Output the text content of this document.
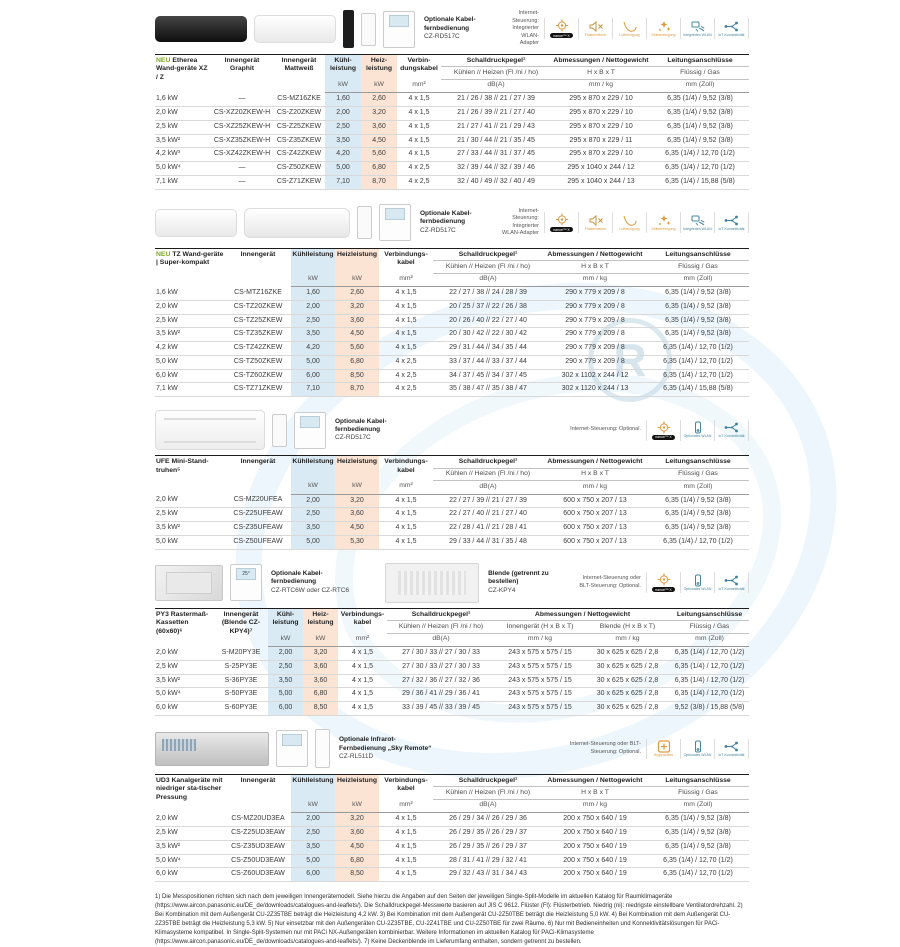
R
Optionale Kabel-fernbedienung
CZ-RD517C
Internet-Steuerung: Integrierter WLAN-Adapter
nanoe™ X	Flüsterbetrieb	Luftreinigung	Selbstreinigung Integriertes WLAN IoT-Konnektivität
NEU Etherea Wand-geräte XZ / Z	Innengerät Graphit	Innengerät Mattweiß	Kühl-leistung	Heiz-leistung	Verbin-dungskabel	Schalldruckpegel¹	Abmessungen / Nettogewicht	Leitungsanschlüsse
						Kühlen // Heizen (Fl /ni / ho)	H x B x T	Flüssig / Gas
			kW	kW	mm²	dB(A)	mm / kg	mm (Zoll)
1,6 kW	—	CS-MZ16ZKE	1,60	2,60	4 x 1,5	21 / 26 / 38 // 21 / 27 / 39	295 x 870 x 229 / 10	6,35 (1/4) / 9,52 (3/8)
2,0 kW	CS-XZ20ZKEW-H	CS-Z20ZKEW	2,00	3,20	4 x 1,5	21 / 26 / 39 // 21 / 27 / 40	295 x 870 x 229 / 10	6,35 (1/4) / 9,52 (3/8)
2,5 kW	CS-XZ25ZKEW-H	CS-Z25ZKEW	2,50	3,60	4 x 1,5	21 / 27 / 41 // 21 / 29 / 43	295 x 870 x 229 / 10	6,35 (1/4) / 9,52 (3/8)
3,5 kW²	CS-XZ35ZKEW-H	CS-Z35ZKEW	3,50	4,50	4 x 1,5	21 / 30 / 44 // 21 / 35 / 45	295 x 870 x 229 / 11	6,35 (1/4) / 9,52 (3/8)
4,2 kW³	CS-XZ42ZKEW-H	CS-Z42ZKEW	4,20	5,60	4 x 1,5	27 / 33 / 44 // 31 / 37 / 45	295 x 870 x 229 / 10	6,35 (1/4) / 12,70 (1/2)
5,0 kW⁴	—	CS-Z50ZKEW	5,00	6,80	4 x 2,5	32 / 39 / 44 // 32 / 39 / 46	295 x 1040 x 244 / 12	6,35 (1/4) / 12,70 (1/2)
7,1 kW	—	CS-Z71ZKEW	7,10	8,70	4 x 2,5	32 / 40 / 49 // 32 / 40 / 49	295 x 1040 x 244 / 13	6,35 (1/4) / 15,88 (5/8)
Optionale Kabel-fernbedienung
CZ-RD517C
Internet-Steuerung: Integrierter WLAN-Adapter
nanoe™ X	Flüsterbetrieb	Luftreinigung	Selbstreinigung Integriertes WLAN IoT-Konnektivität
NEU TZ Wand-geräte | Super-kompakt	Innengerät	Kühlleistung	Heizleistung	Verbindungs-kabel	Schalldruckpegel¹	Abmessungen / Nettogewicht	Leitungsanschlüsse
					Kühlen // Heizen (Fl /ni / ho)	H x B x T	Flüssig / Gas
		kW	kW	mm²	dB(A)	mm / kg	mm (Zoll)
1,6 kW	CS-MTZ16ZKE	1,60	2,60	4 x 1,5	22 / 27 / 38 // 24 / 28 / 39	290 x 779 x 209 / 8	6,35 (1/4) / 9,52 (3/8)
2,0 kW	CS-TZ20ZKEW	2,00	3,20	4 x 1,5	20 / 25 / 37 // 22 / 26 / 38	290 x 779 x 209 / 8	6,35 (1/4) / 9,52 (3/8)
2,5 kW	CS-TZ25ZKEW	2,50	3,60	4 x 1,5	20 / 26 / 40 // 22 / 27 / 40	290 x 779 x 209 / 8	6,35 (1/4) / 9,52 (3/8)
3,5 kW²	CS-TZ35ZKEW	3,50	4,50	4 x 1,5	20 / 30 / 42 // 22 / 30 / 42	290 x 779 x 209 / 8	6,35 (1/4) / 9,52 (3/8)
4,2 kW	CS-TZ42ZKEW	4,20	5,60	4 x 1,5	29 / 31 / 44 // 34 / 35 / 44	290 x 779 x 209 / 8	6,35 (1/4) / 12,70 (1/2)
5,0 kW	CS-TZ50ZKEW	5,00	6,80	4 x 2,5	33 / 37 / 44 // 33 / 37 / 44	290 x 779 x 209 / 8	6,35 (1/4) / 12,70 (1/2)
6,0 kW	CS-TZ60ZKEW	6,00	8,50	4 x 2,5	34 / 37 / 45 // 34 / 37 / 45	302 x 1102 x 244 / 12	6,35 (1/4) / 12,70 (1/2)
7,1 kW	CS-TZ71ZKEW	7,10	8,70	4 x 2,5	35 / 38 / 47 // 35 / 38 / 47	302 x 1120 x 244 / 13	6,35 (1/4) / 15,88 (5/8)
Optionale Kabel-fernbedienung
CZ-RD517C
Internet-Steuerung: Optional.
nanoe™ X	Optionales WLAN IoT-Konnektivität
UFE Mini-Stand-truhen⁵	Innengerät	Kühlleistung	Heizleistung	Verbindungs-kabel	Schalldruckpegel¹	Abmessungen / Nettogewicht	Leitungsanschlüsse
					Kühlen // Heizen (Fl /ni / ho)	H x B x T	Flüssig / Gas
		kW	kW	mm²	dB(A)	mm / kg	mm (Zoll)
2,0 kW	CS-MZ20UFEA	2,00	3,20	4 x 1,5	22 / 27 / 39 // 21 / 27 / 39	600 x 750 x 207 / 13	6,35 (1/4) / 9,52 (3/8)
2,5 kW	CS-Z25UFEAW	2,50	3,60	4 x 1,5	22 / 27 / 40 // 21 / 27 / 40	600 x 750 x 207 / 13	6,35 (1/4) / 9,52 (3/8)
3,5 kW²	CS-Z35UFEAW	3,50	4,50	4 x 1,5	22 / 28 / 41 // 21 / 28 / 41	600 x 750 x 207 / 13	6,35 (1/4) / 9,52 (3/8)
5,0 kW	CS-Z50UFEAW	5,00	5,30	4 x 1,5	29 / 33 / 44 // 31 / 35 / 48	600 x 750 x 207 / 13	6,35 (1/4) / 12,70 (1/2)
25°	Optionale Kabel-fernbedienung
CZ-RTC6W oder CZ-RTC6
Blende (getrennt zu bestellen)
CZ-KPY4
Internet-Steuerung oder BLT-Steuerung: Optional.
nanoe™ X	Optionales WLAN IoT-Konnektivität
PY3 Rastermaß-Kassetten (60x60)⁶	Innengerät (Blende CZ-KPY4)⁷	Kühl-leistung	Heiz-leistung	Verbindungs-kabel	Schalldruckpegel¹	Abmessungen / Nettogewicht		Leitungsanschlüsse
					Kühlen // Heizen (Fl /ni / ho)	Innengerät (H x B x T)	Blende (H x B x T)	Flüssig / Gas
		kW	kW	mm²	dB(A)	mm / kg	mm / kg	mm (Zoll)
2,0 kW	S-M20PY3E	2,00	3,20	4 x 1,5	27 / 30 / 33 // 27 / 30 / 33	243 x 575 x 575 / 15	30 x 625 x 625 / 2,8	6,35 (1/4) / 12,70 (1/2)
2,5 kW	S-25PY3E	2,50	3,60	4 x 1,5	27 / 30 / 33 // 27 / 30 / 33	243 x 575 x 575 / 15	30 x 625 x 625 / 2,8	6,35 (1/4) / 12,70 (1/2)
3,5 kW²	S-36PY3E	3,50	3,60	4 x 1,5	27 / 32 / 36 // 27 / 32 / 36	243 x 575 x 575 / 15	30 x 625 x 625 / 2,8	6,35 (1/4) / 12,70 (1/2)
5,0 kW⁴	S-50PY3E	5,00	6,80	4 x 1,5	29 / 36 / 41 // 29 / 36 / 41	243 x 575 x 575 / 15	30 x 625 x 625 / 2,8	6,35 (1/4) / 12,70 (1/2)
6,0 kW	S-60PY3E	6,00	8,50	4 x 1,5	33 / 39 / 45 // 33 / 39 / 45	243 x 575 x 575 / 15	30 x 625 x 625 / 2,8	9,52 (3/8) / 15,88 (5/8)
Optionale Infrarot-Fernbedienung „Sky Remote“
CZ-RL511D
Internet-Steuerung oder BLT-Steuerung: Optional.
Hygienefilter	Optionales WLAN IoT-Konnektivität
UD3 Kanalgeräte mit niedriger sta-tischer Pressung	Innengerät	Kühlleistung	Heizleistung	Verbindungs-kabel	Schalldruckpegel¹	Abmessungen / Nettogewicht	Leitungsanschlüsse
					Kühlen // Heizen (Fl /ni / ho)	H x B x T	Flüssig / Gas
		kW	kW	mm²	dB(A)	mm / kg	mm (Zoll)
2,0 kW	CS-MZ20UD3EA	2,00	3,20	4 x 1,5	26 / 29 / 34 // 26 / 29 / 36	200 x 750 x 640 / 19	6,35 (1/4) / 9,52 (3/8)
2,5 kW	CS-Z25UD3EAW	2,50	3,60	4 x 1,5	26 / 29 / 35 // 26 / 29 / 37	200 x 750 x 640 / 19	6,35 (1/4) / 9,52 (3/8)
3,5 kW²	CS-Z35UD3EAW	3,50	4,50	4 x 1,5	26 / 29 / 35 // 26 / 29 / 37	200 x 750 x 640 / 19	6,35 (1/4) / 9,52 (3/8)
5,0 kW⁴	CS-Z50UD3EAW	5,00	6,80	4 x 1,5	28 / 31 / 41 // 29 / 32 / 41	200 x 750 x 640 / 19	6,35 (1/4) / 12,70 (1/2)
6,0 kW	CS-Z60UD3EAW	6,00	8,50	4 x 1,5	29 / 32 / 43 // 31 / 34 / 43	200 x 750 x 640 / 19	6,35 (1/4) / 12,70 (1/2)
1) Die Messpositionen richten sich nach dem jeweiligen Innengerätemodell. Siehe hierzu die Angaben auf den Seiten der jeweiligen Single-Split-Modelle im aktuellen Katalog für Raumklimageräte (https://www.aircon.panasonic.eu/DE_de/downloads/catalogues-and-leaflets/). Die Schalldruckpegel-Messwerte basieren auf JIS C 9612. Flüster (Fl): Flüsterbetrieb. Niedrig (ni): niedrigste einstellbare Ventilatordrehzahl. 2) Bei Kombination mit dem Außengerät CU-2Z35TBE beträgt die Heizleistung 4,2 kW. 3) Bei Kombination mit dem Außengerät CU-2Z50TBE beträgt die Heizleistung 5,0 kW. 4) Bei Kombination mit dem Außengerät CU-2Z35TBE beträgt die Heizleistung 5,3 kW. 5) Nur einsetzbar mit den Außengeräten CU-2Z35TBE, CU-2Z41TBE und CU-2Z50TBE für zwei Räume. 6) Nur mit Bedieneinheiten und Konnektivitätslösungen für PACi-Klimasysteme kompatibel. In Single-Split-Systemen nur mit PACi NX-Außengeräten kombinierbar. Weitere Informationen im aktuellen Katalog für PACi-Klimasysteme (https://www.aircon.panasonic.eu/DE_de/downloads/catalogues-and-leaflets/). 7) Keine Deckenblende im Lieferumfang enthalten, sondern getrennt zu bestellen.
